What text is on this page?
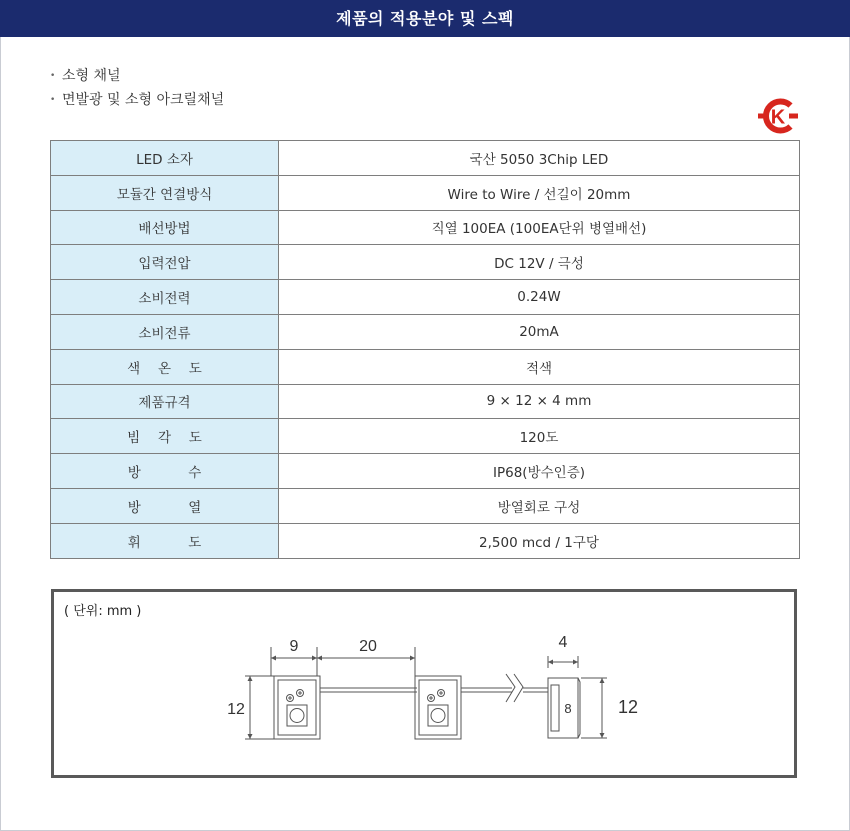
제품의 적용분야 및 스펙
• 소형 채널
• 면발광 및 소형 아크릴채널
K
LED 소자	국산 5050 3Chip LED
모듈간 연결방식	Wire to Wire / 선길이 20mm
배선방법	직열 100EA (100EA단위 병열배선)
입력전압	DC 12V / 극성
소비전력	0.24W
소비전류	20mA
색 온 도	적색
제품규격	9 × 12 × 4 mm
빔 각 도	120도
방 수	IP68(방수인증)
방 열	방열회로 구성
휘 도	2,500 mcd / 1구당
( 단위: mm )
9	20
12
4
12
8
